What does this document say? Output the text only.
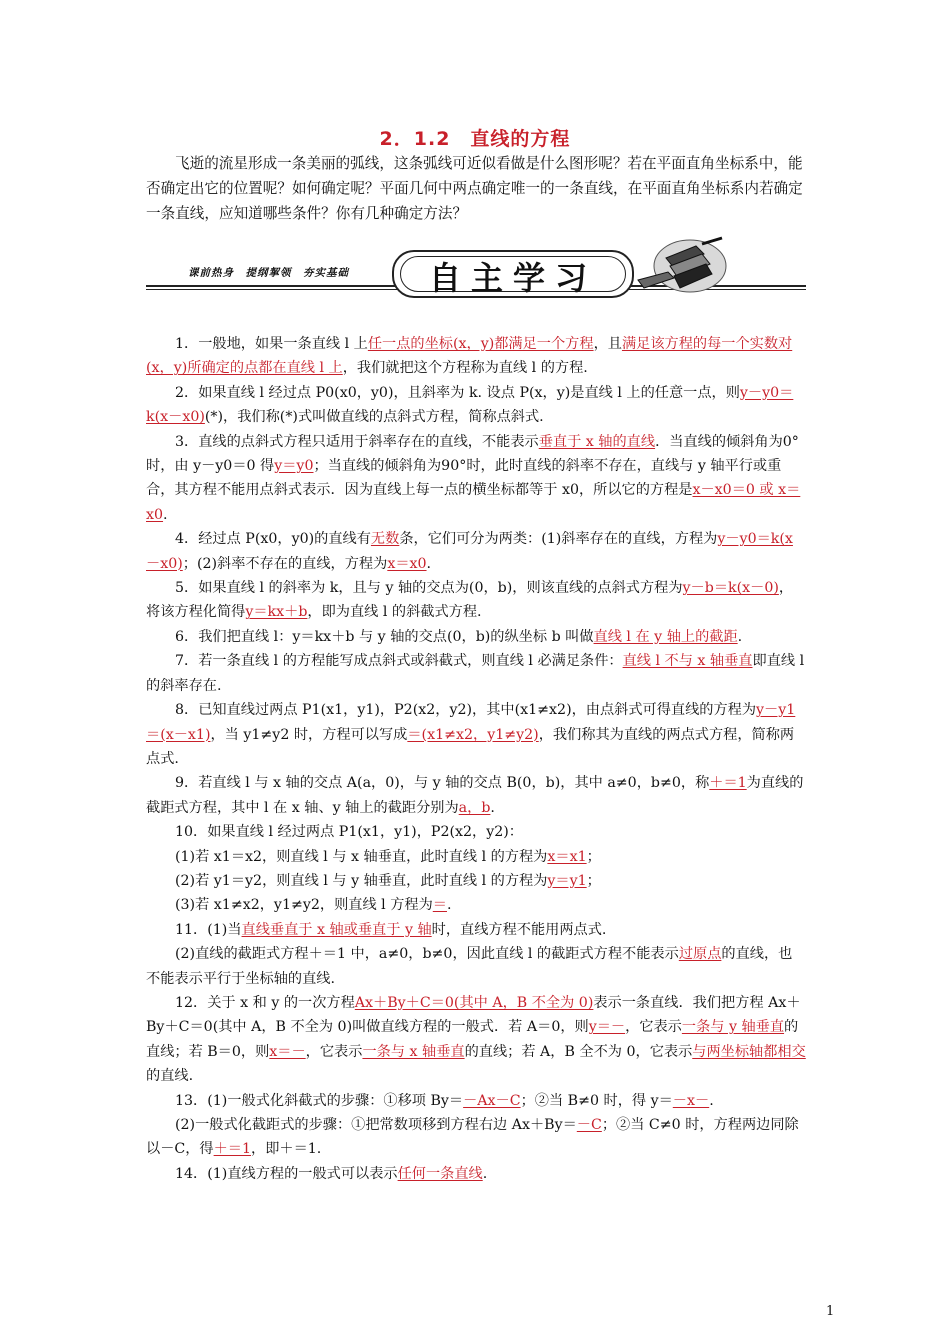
2．1.2　直线的方程

飞逝的流星形成一条美丽的弧线，这条弧线可近似看做是什么图形呢？若在平面直角坐标系中，能否确定出它的位置呢？如何确定呢？平面几何中两点确定唯一的一条直线，在平面直角坐标系内若确定一条直线，应知道哪些条件？你有几种确定方法？

课前热身　提纲挈领　夯实基础	自主学习

1．一般地，如果一条直线 l 上任一点的坐标(x，y)都满足一个方程，且满足该方程的每一个实数对(x，y)所确定的点都在直线 l 上，我们就把这个方程称为直线 l 的方程.

2．如果直线 l 经过点 P0(x0，y0)，且斜率为 k. 设点 P(x，y)是直线 l 上的任意一点，则y－y0＝k(x－x0)(*)，我们称(*)式叫做直线的点斜式方程，简称点斜式.

3．直线的点斜式方程只适用于斜率存在的直线，不能表示垂直于 x 轴的直线．当直线的倾斜角为0°时，由 y－y0＝0 得y＝y0；当直线的倾斜角为90°时，此时直线的斜率不存在，直线与 y 轴平行或重合，其方程不能用点斜式表示．因为直线上每一点的横坐标都等于 x0，所以它的方程是x－x0＝0 或 x＝x0.

4．经过点 P(x0，y0)的直线有无数条，它们可分为两类：(1)斜率存在的直线，方程为y－y0＝k(x－x0)；(2)斜率不存在的直线，方程为x＝x0.

5．如果直线 l 的斜率为 k，且与 y 轴的交点为(0，b)，则该直线的点斜式方程为y－b＝k(x－0)，将该方程化简得y＝kx＋b，即为直线 l 的斜截式方程.

6．我们把直线 l：y＝kx＋b 与 y 轴的交点(0，b)的纵坐标 b 叫做直线 l 在 y 轴上的截距.

7．若一条直线 l 的方程能写成点斜式或斜截式，则直线 l 必满足条件：直线 l 不与 x 轴垂直即直线 l 的斜率存在.

8．已知直线过两点 P1(x1，y1)，P2(x2，y2)，其中(x1≠x2)，由点斜式可得直线的方程为y－y1＝(x－x1)，当 y1≠y2 时，方程可以写成＝(x1≠x2，y1≠y2)，我们称其为直线的两点式方程，简称两点式.

9．若直线 l 与 x 轴的交点 A(a，0)，与 y 轴的交点 B(0，b)，其中 a≠0，b≠0，称＋＝1为直线的截距式方程，其中 l 在 x 轴、y 轴上的截距分别为a，b.

10．如果直线 l 经过两点 P1(x1，y1)，P2(x2，y2)：

(1)若 x1＝x2，则直线 l 与 x 轴垂直，此时直线 l 的方程为x＝x1；

(2)若 y1＝y2，则直线 l 与 y 轴垂直，此时直线 l 的方程为y＝y1；

(3)若 x1≠x2，y1≠y2，则直线 l 方程为＝.

11．(1)当直线垂直于 x 轴或垂直于 y 轴时，直线方程不能用两点式.

(2)直线的截距式方程＋＝1 中，a≠0，b≠0，因此直线 l 的截距式方程不能表示过原点的直线，也不能表示平行于坐标轴的直线.

12．关于 x 和 y 的一次方程Ax＋By＋C＝0(其中 A，B 不全为 0)表示一条直线．我们把方程 Ax＋By＋C＝0(其中 A，B 不全为 0)叫做直线方程的一般式．若 A＝0，则y＝－，它表示一条与 y 轴垂直的直线；若 B＝0，则x＝－，它表示一条与 x 轴垂直的直线；若 A，B 全不为 0，它表示与两坐标轴都相交的直线.

13．(1)一般式化斜截式的步骤：①移项 By＝－Ax－C；②当 B≠0 时，得 y＝－x－.

(2)一般式化截距式的步骤：①把常数项移到方程右边 Ax＋By＝－C；②当 C≠0 时，方程两边同除以－C，得＋＝1，即＋＝1.

14．(1)直线方程的一般式可以表示任何一条直线.

1
